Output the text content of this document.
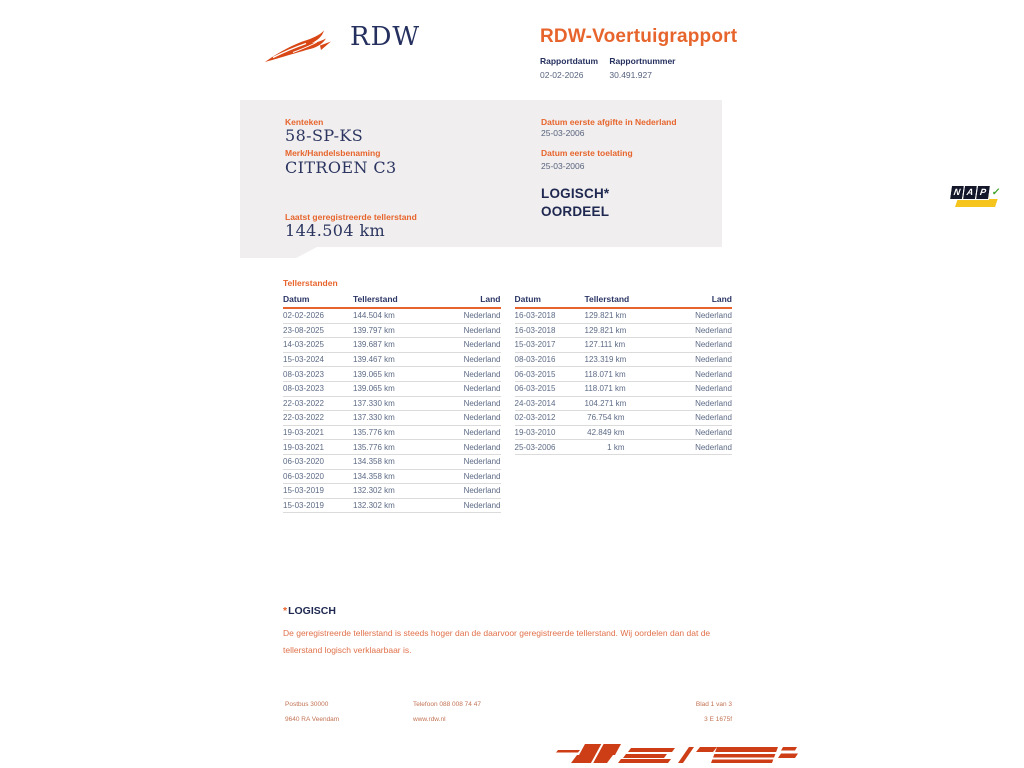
RDW	RDW-Voertuigrapport
Rapportdatum
02-02-2026

Rapportnummer
30.491.927
Kenteken
58-SP-KS
Merk/Handelsbenaming
CITROEN C3
Laatst geregistreerde tellerstand
144.504 km
Datum eerste afgifte in Nederland
25-03-2006
Datum eerste toelating
25-03-2006
LOGISCH*
OORDEEL
N A P ✓
Tellerstanden
Datum	Tellerstand	Land
02-02-2026	144.504 km	Nederland
23-08-2025	139.797 km	Nederland
14-03-2025	139.687 km	Nederland
15-03-2024	139.467 km	Nederland
08-03-2023	139.065 km	Nederland
08-03-2023	139.065 km	Nederland
22-03-2022	137.330 km	Nederland
22-03-2022	137.330 km	Nederland
19-03-2021	135.776 km	Nederland
19-03-2021	135.776 km	Nederland
06-03-2020	134.358 km	Nederland
06-03-2020	134.358 km	Nederland
15-03-2019	132.302 km	Nederland
15-03-2019	132.302 km	Nederland
Datum	Tellerstand	Land
16-03-2018	129.821 km	Nederland
16-03-2018	129.821 km	Nederland
15-03-2017	127.111 km	Nederland
08-03-2016	123.319 km	Nederland
06-03-2015	118.071 km	Nederland
06-03-2015	118.071 km	Nederland
24-03-2014	104.271 km	Nederland
02-03-2012	76.754 km	Nederland
19-03-2010	42.849 km	Nederland
25-03-2006	1 km	Nederland
*LOGISCH
De geregistreerde tellerstand is steeds hoger dan de daarvoor geregistreerde tellerstand. Wij oordelen dan dat de tellerstand logisch verklaarbaar is.
Postbus 30000
9640 RA Veendam
Telefoon 088 008 74 47
www.rdw.nl
Blad 1 van 3
3 E 1675f
